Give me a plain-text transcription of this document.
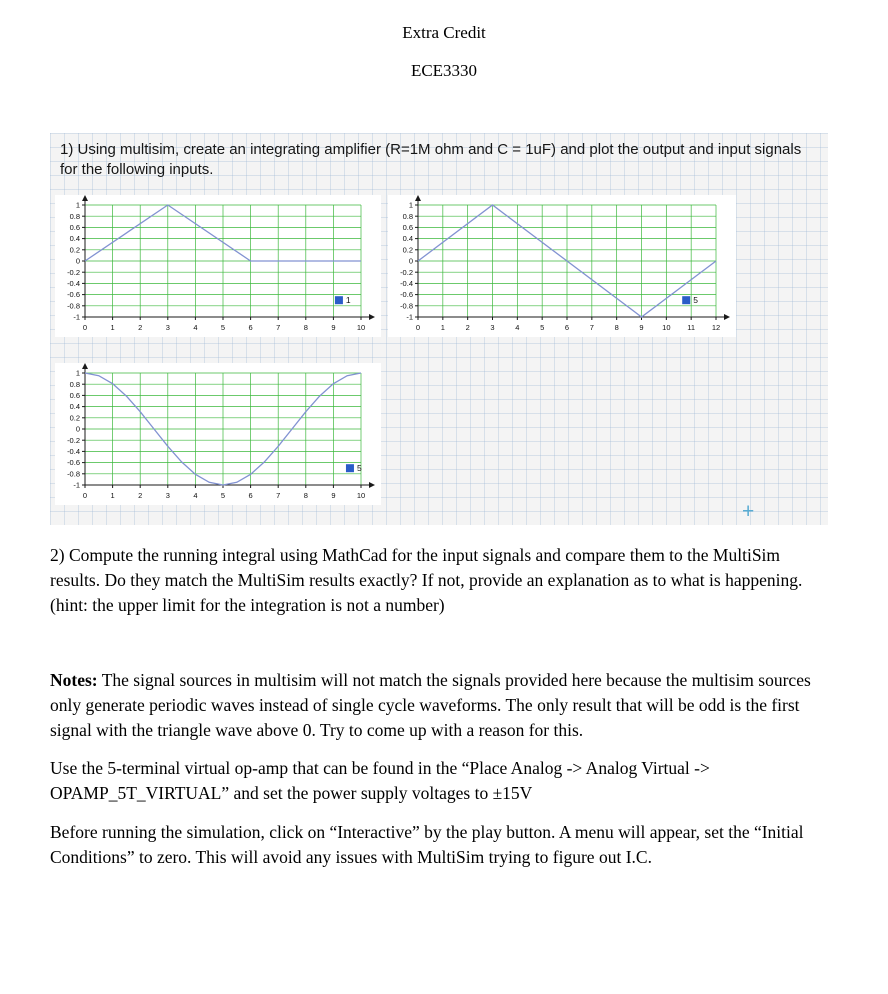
Extra Credit
ECE3330

1) Using multisim, create an integrating amplifier (R=1M ohm and C = 1uF) and plot the output and input signals for the following inputs.

1
0.8
0.6
0.4
0.2
0
-0.2
-0.4
-0.6
-0.8
-1
0	1	2	3	4	5	6	7	8	9	10
1
1
0.8
0.6
0.4
0.2
0
-0.2
-0.4
-0.6
-0.8
-1
0	1	2	3	4	5	6	7	8	9 10 11 12
5
1
0.8
0.6
0.4
0.2
0
-0.2
-0.4
-0.6
-0.8
-1
0	1	2	3	4	5	6	7	8	9	10
5
+

2) Compute the running integral using MathCad for the input signals and compare them to the MultiSim results. Do they match the MultiSim results exactly? If not, provide an explanation as to what is happening. (hint: the upper limit for the integration is not a number)

Notes: The signal sources in multisim will not match the signals provided here because the multisim sources only generate periodic waves instead of single cycle waveforms. The only result that will be odd is the first signal with the triangle wave above 0. Try to come up with a reason for this.

Use the 5-terminal virtual op-amp that can be found in the “Place Analog -> Analog Virtual -> OPAMP_5T_VIRTUAL” and set the power supply voltages to ±15V

Before running the simulation, click on “Interactive” by the play button. A menu will appear, set the “Initial Conditions” to zero. This will avoid any issues with MultiSim trying to figure out I.C.
